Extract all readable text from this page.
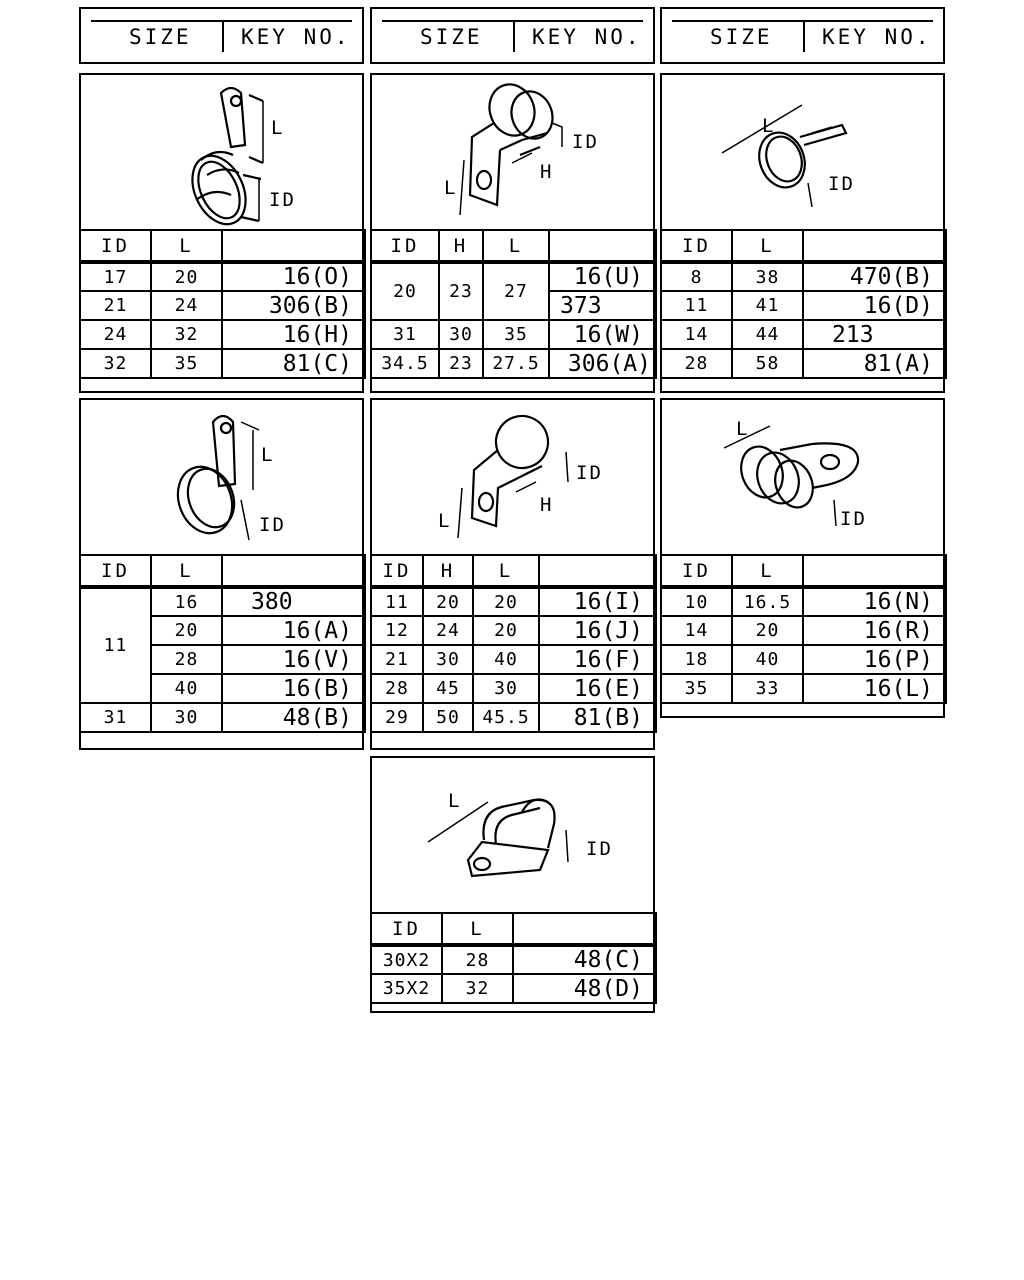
SIZE KEY NO.	SIZE KEY NO.	SIZE KEY NO.
L
ID
ID	L	
17	20	16(O)
21	24	306(B)
24	32	16(H)
32	35	81(C)
ID
H
L
ID	H	L	
20	23	27	16(U)
			373
31	30	35	16(W)
34.5	23	27.5	306(A)
L
ID
ID	L	
8	38	470(B)
11	41	16(D)
14	44	213
28	58	81(A)
L
ID
ID	L	
11	16	380
	20	16(A)
	28	16(V)
	40	16(B)
31	30	48(B)
ID
H
L
ID	H	L	
11	20	20	16(I)
12	24	20	16(J)
21	30	40	16(F)
28	45	30	16(E)
29	50	45.5	81(B)
L
ID
ID	L	
10	16.5	16(N)
14	20	16(R)
18	40	16(P)
35	33	16(L)
L
ID
ID	L	
30X2	28	48(C)
35X2	32	48(D)
